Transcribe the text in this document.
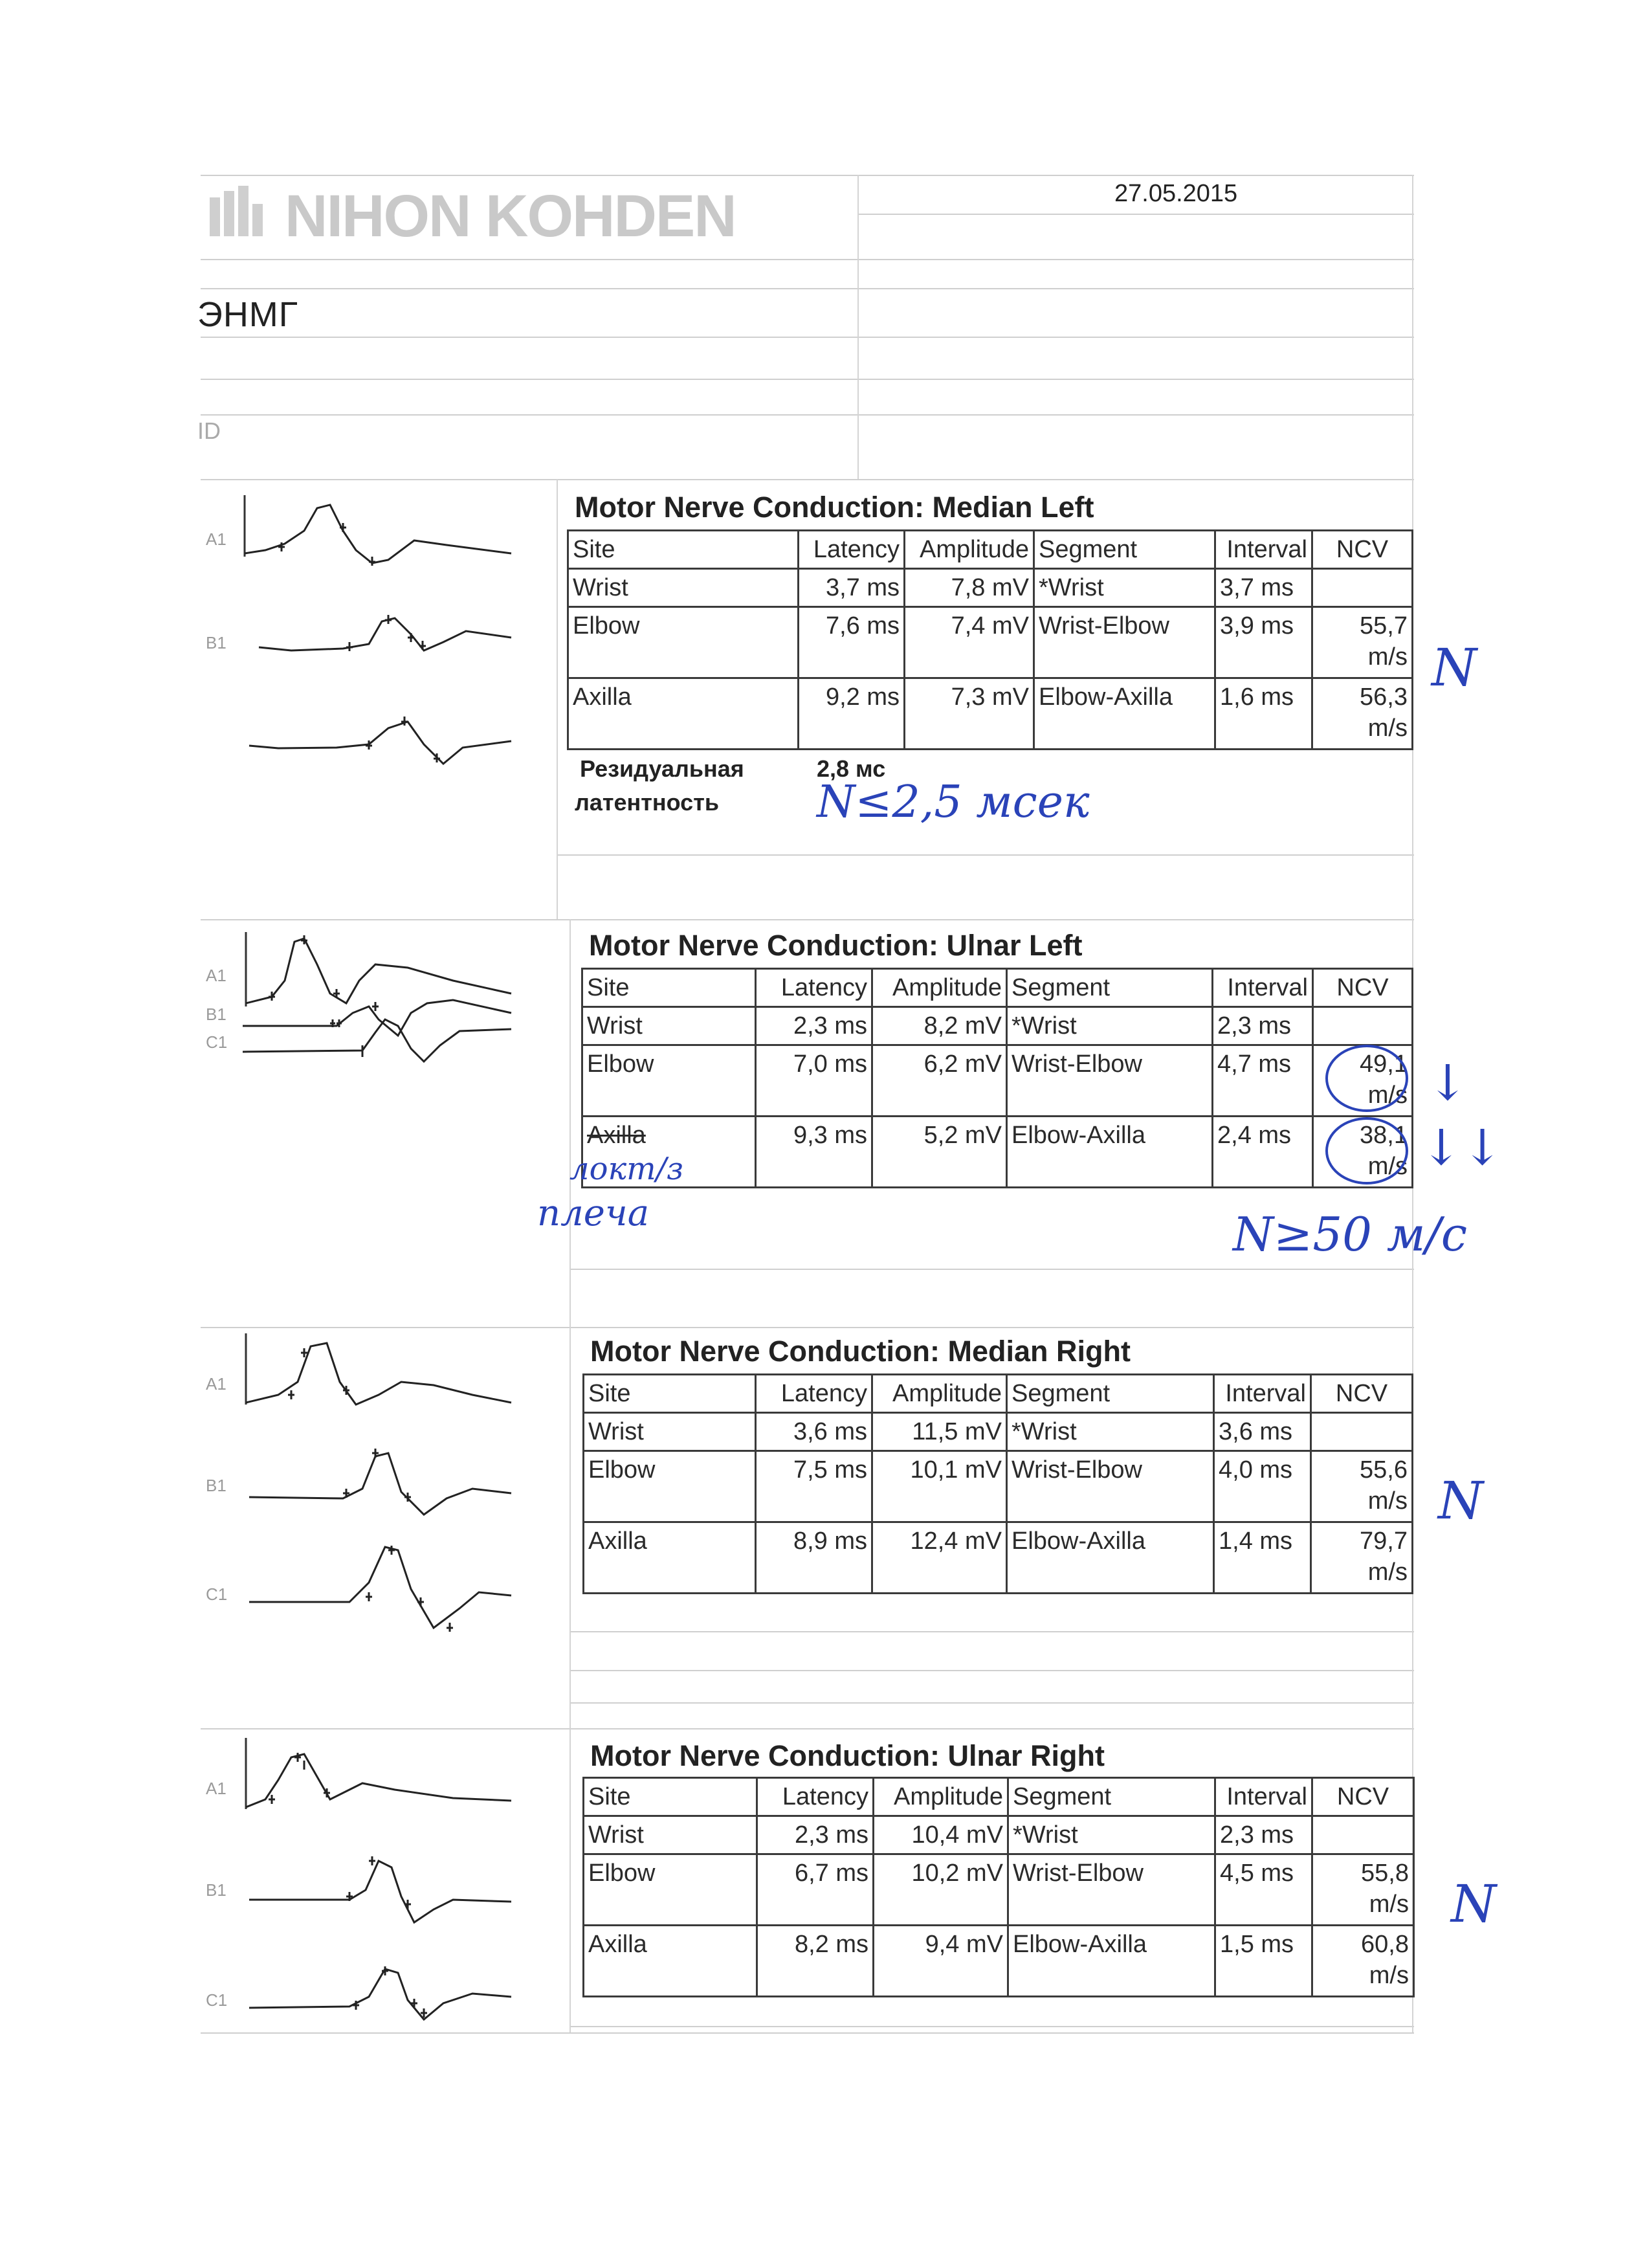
NIHON KOHDEN	27.05.2015
ЭНМГ
ID
A1
B1
Motor Nerve Conduction: Median Left
Site	Latency	Amplitude	Segment	Interval	NCV
Wrist	3,7 ms	7,8 mV	*Wrist	3,7 ms	
Elbow	7,6 ms	7,4 mV	Wrist-Elbow	3,9 ms	55,7
m/s

Axilla	9,2 ms	7,3 mV	Elbow-Axilla	1,6 ms	56,3
m/s
Резидуальная
латентность
2,8 мс
N≤2,5 мсек
N
A1
B1
C1
Motor Nerve Conduction: Ulnar Left
Site	Latency	Amplitude	Segment	Interval	NCV
Wrist	2,3 ms	8,2 mV	*Wrist	2,3 ms	
Elbow	7,0 ms	6,2 mV	Wrist-Elbow	4,7 ms	49,1
m/s

Axilla	9,3 ms	5,2 mV	Elbow-Axilla	2,4 ms	38,1
m/s
↓
↓↓
локт/з
плеча	N≥50 м/с
A1
B1
C1
Motor Nerve Conduction: Median Right
Site	Latency	Amplitude	Segment	Interval	NCV
Wrist	3,6 ms	11,5 mV	*Wrist	3,6 ms	
Elbow	7,5 ms	10,1 mV	Wrist-Elbow	4,0 ms	55,6
m/s

Axilla	8,9 ms	12,4 mV	Elbow-Axilla	1,4 ms	79,7
m/s
N
A1
B1
C1
Motor Nerve Conduction: Ulnar Right
Site	Latency	Amplitude	Segment	Interval	NCV
Wrist	2,3 ms	10,4 mV	*Wrist	2,3 ms	
Elbow	6,7 ms	10,2 mV	Wrist-Elbow	4,5 ms	55,8
m/s

Axilla	8,2 ms	9,4 mV	Elbow-Axilla	1,5 ms	60,8
m/s
N
